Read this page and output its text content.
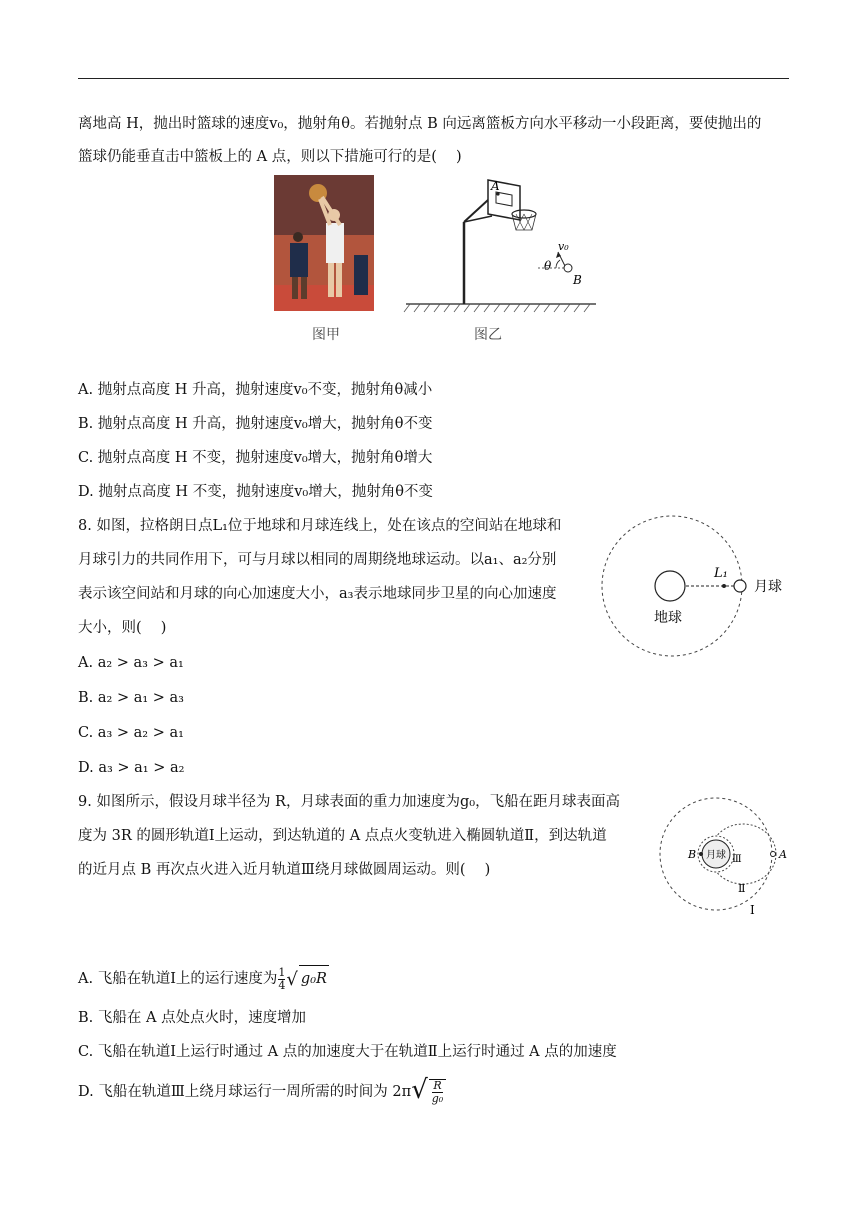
离地高 H，抛出时篮球的速度v₀，抛射角θ。若抛射点 B 向远离篮板方向水平移动一小段距离，要使抛出的
篮球仍能垂直击中篮板上的 A 点，则以下措施可行的是(　 )
图甲
A
θ
v₀
B
图乙
A. 抛射点高度 H 升高，抛射速度v₀不变，抛射角θ减小
B. 抛射点高度 H 升高，抛射速度v₀增大，抛射角θ不变
C. 抛射点高度 H 不变，抛射速度v₀增大，抛射角θ增大
D. 抛射点高度 H 不变，抛射速度v₀增大，抛射角θ不变
8. 如图，拉格朗日点L₁位于地球和月球连线上，处在该点的空间站在地球和
月球引力的共同作用下，可与月球以相同的周期绕地球运动。以a₁、a₂分别
表示该空间站和月球的向心加速度大小，a₃表示地球同步卫星的向心加速度
大小，则(　 )
L₁
月球
地球
A. a₂ > a₃ > a₁
B. a₂ > a₁ > a₃
C. a₃ > a₂ > a₁
D. a₃ > a₁ > a₂
9. 如图所示，假设月球半径为 R，月球表面的重力加速度为g₀，飞船在距月球表面高
度为 3R 的圆形轨道Ⅰ上运动，到达轨道的 A 点点火变轨进入椭圆轨道Ⅱ，到达轨道
的近月点 B 再次点火进入近月轨道Ⅲ绕月球做圆周运动。则(　 )
B	A
月球 Ⅲ
Ⅱ
Ⅰ
A. 飞船在轨道Ⅰ上的运行速度为 $\frac{1}{4}$ √ g₀R
B. 飞船在 A 点处点火时，速度增加
C. 飞船在轨道Ⅰ上运行时通过 A 点的加速度大于在轨道Ⅱ上运行时通过 A 点的加速度
D. 飞船在轨道Ⅲ上绕月球运行一周所需的时间为 $2\pi√ \frac{R}{\text{g₀}}$
